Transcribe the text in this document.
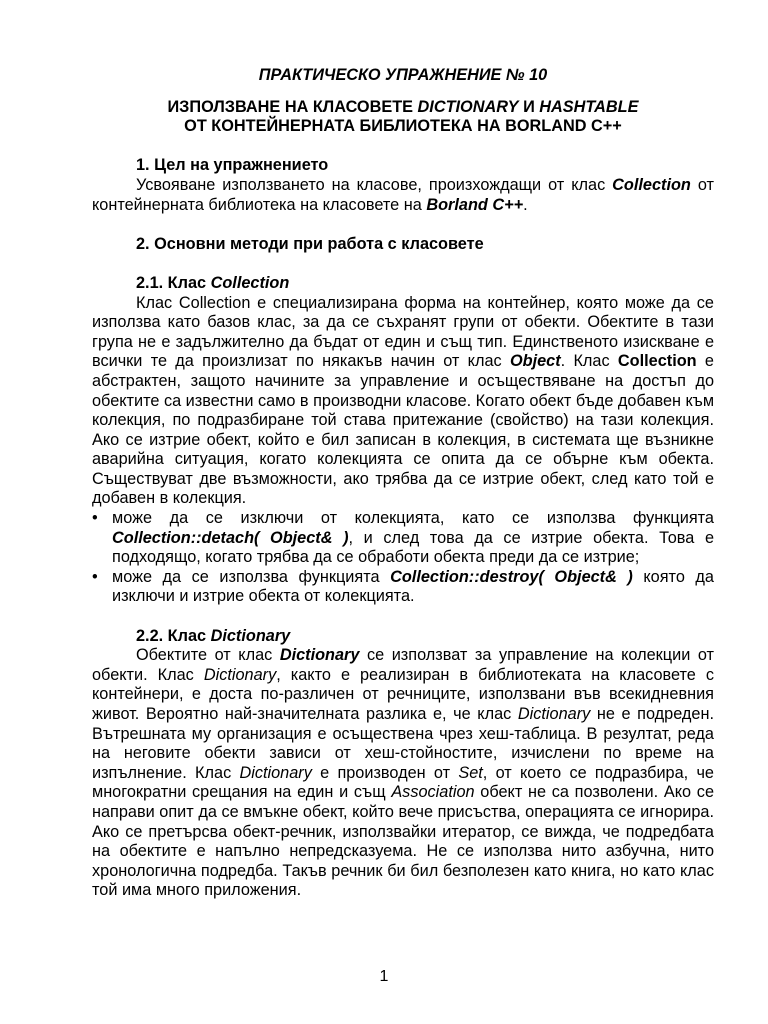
ПРАКТИЧЕСКО УПРАЖНЕНИЕ № 10
ИЗПОЛЗВАНЕ НА КЛАСОВЕТЕ DICTIONARY И HASHTABLE
ОТ КОНТЕЙНЕРНАТА БИБЛИОТЕКА НА BORLAND C++
1. Цел на упражнението

Усвояване използването на класове, произхождащи от клас Collection от контейнерната библиотека на класовете на Borland C++.

2. Основни методи при работа с класовете
2.1. Клас Collection

Клас Collection е специализирана форма на контейнер, която може да се използва като базов клас, за да се съхранят групи от обекти. Обектите в тази група не е задължително да бъдат от един и същ тип. Единственото изискване е всички те да произлизат по някакъв начин от клас Object. Клас Collection е абстрактен, защото начините за управление и осъществяване на достъп до обектите са известни само в производни класове. Когато обект бъде добавен към колекция, по подразбиране той става притежание (свойство) на тази колекция. Ако се изтрие обект, който е бил записан в колекция, в системата ще възникне аварийна ситуация, когато колекцията се опита да се обърне към обекта. Съществуват две възможности, ако трябва да се изтрие обект, след като той е добавен в колекция.

• може да се изключи от колекцията, като се използва функцията Collection::detach( Object& ), и след това да се изтрие обекта. Това е подходящо, когато трябва да се обработи обекта преди да се изтрие;
• може да се използва функцията Collection::destroy( Object& ) която да изключи и изтрие обекта от колекцията.
2.2. Клас Dictionary

Обектите от клас Dictionary се използват за управление на колекции от обекти. Клас Dictionary, както е реализиран в библиотеката на класовете с контейнери, е доста по-различен от речниците, използвани във всекидневния живот. Вероятно най-значителната разлика е, че клас Dictionary не е подреден. Вътрешната му организация е осъществена чрез хеш-таблица. В резултат, реда на неговите обекти зависи от хеш-стойностите, изчислени по време на изпълнение. Клас Dictionary е производен от Set, от което се подразбира, че многократни срещания на един и същ Association обект не са позволени. Ако се направи опит да се вмъкне обект, който вече присъства, операцията се игнорира. Ако се претърсва обект-речник, използвайки итератор, се вижда, че подредбата на обектите е напълно непредсказуема. Не се използва нито азбучна, нито хронологична подредба. Такъв речник би бил безполезен като книга, но като клас той има много приложения.

1
